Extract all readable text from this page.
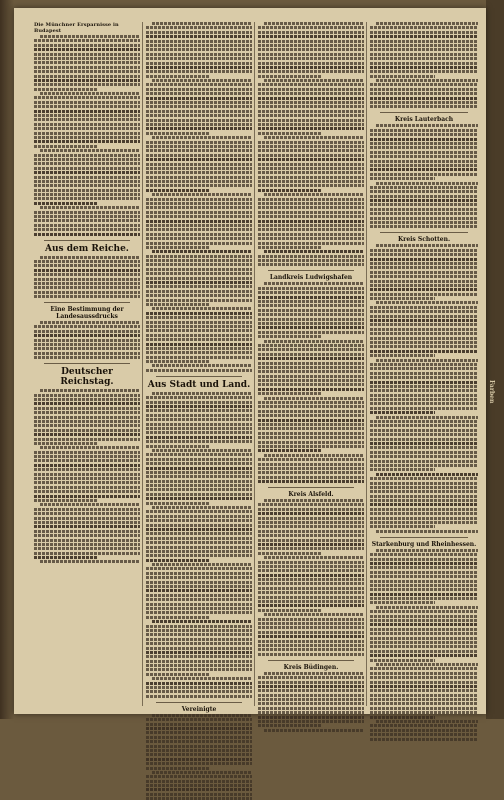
Farben
Die Münchner Ersparnisse in Budapest
Aus dem Reiche.
Eine Bestimmung der Landesaussdrucks
Deutscher Reichstag.	Aus Stadt und Land.
Vereinigte
Landkreis Ludwigshafen
Kreis Alsfeld.
Kreis Büdingen.
Kreis Lauterbach
Kreis Schotten.
Starkenburg und Rheinhessen.
